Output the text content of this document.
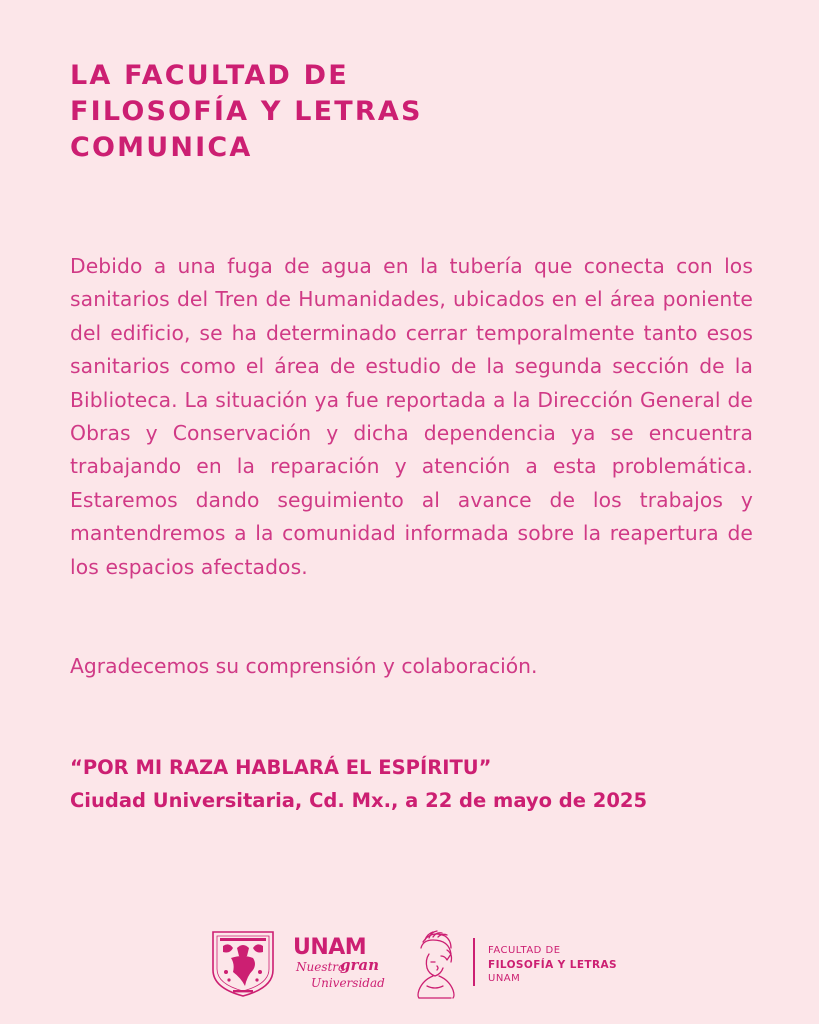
LA FACULTAD DE
FILOSOFÍA Y LETRAS
COMUNICA

Debido a una fuga de agua en la tubería que conecta con los sanitarios del Tren de Humanidades, ubicados en el área poniente del edificio, se ha determinado cerrar temporalmente tanto esos sanitarios como el área de estudio de la segunda sección de la Biblioteca. La situación ya fue reportada a la Dirección General de Obras y Conservación y dicha dependencia ya se encuentra trabajando en la reparación y atención a esta problemática. Estaremos dando seguimiento al avance de los trabajos y mantendremos a la comunidad informada sobre la reapertura de los espacios afectados.

Agradecemos su comprensión y colaboración.

“POR MI RAZA HABLARÁ EL ESPÍRITU”

Ciudad Universitaria, Cd. Mx., a 22 de mayo de 2025

UNAM
Nuestra
gran
Universidad
FACULTAD DE
FILOSOFÍA Y LETRAS
UNAM
